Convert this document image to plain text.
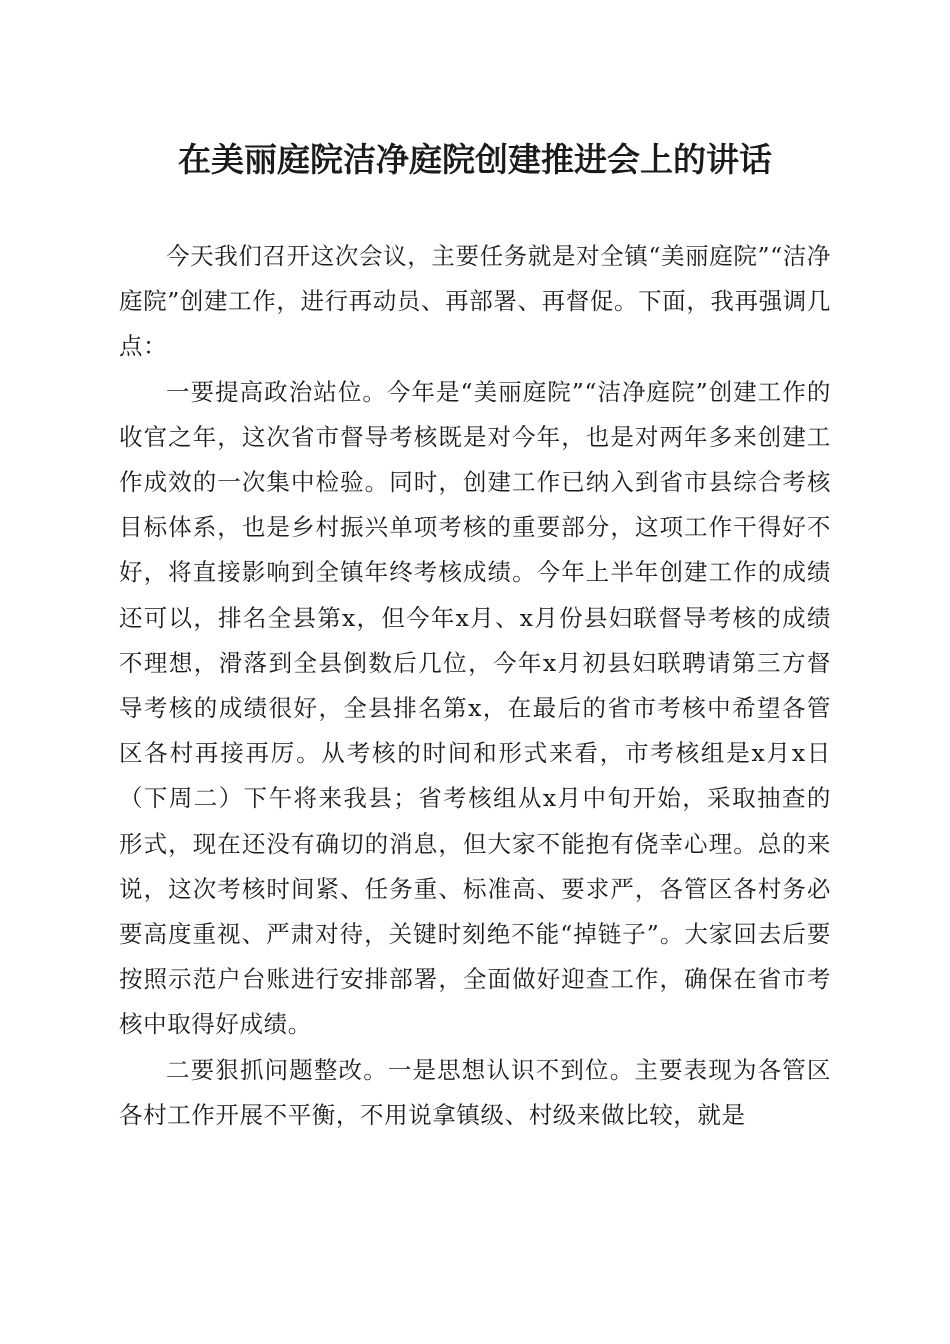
在美丽庭院洁净庭院创建推进会上的讲话

今天我们召开这次会议，主要任务就是对全镇“美丽庭院”“洁净庭院”创建工作，进行再动员、再部署、再督促。下面，我再强调几点：

一要提高政治站位。今年是“美丽庭院”“洁净庭院”创建工作的收官之年，这次省市督导考核既是对今年，也是对两年多来创建工作成效的一次集中检验。同时，创建工作已纳入到省市县综合考核目标体系，也是乡村振兴单项考核的重要部分，这项工作干得好不好，将直接影响到全镇年终考核成绩。今年上半年创建工作的成绩还可以，排名全县第x，但今年x月、x月份县妇联督导考核的成绩不理想，滑落到全县倒数后几位，今年x月初县妇联聘请第三方督导考核的成绩很好，全县排名第x，在最后的省市考核中希望各管区各村再接再厉。从考核的时间和形式来看，市考核组是x月x日（下周二）下午将来我县；省考核组从x月中旬开始，采取抽查的形式，现在还没有确切的消息，但大家不能抱有侥幸心理。总的来说，这次考核时间紧、任务重、标准高、要求严，各管区各村务必要高度重视、严肃对待，关键时刻绝不能“掉链子”。大家回去后要按照示范户台账进行安排部署，全面做好迎查工作，确保在省市考核中取得好成绩。

二要狠抓问题整改。一是思想认识不到位。主要表现为各管区各村工作开展不平衡，不用说拿镇级、村级来做比较，就是
